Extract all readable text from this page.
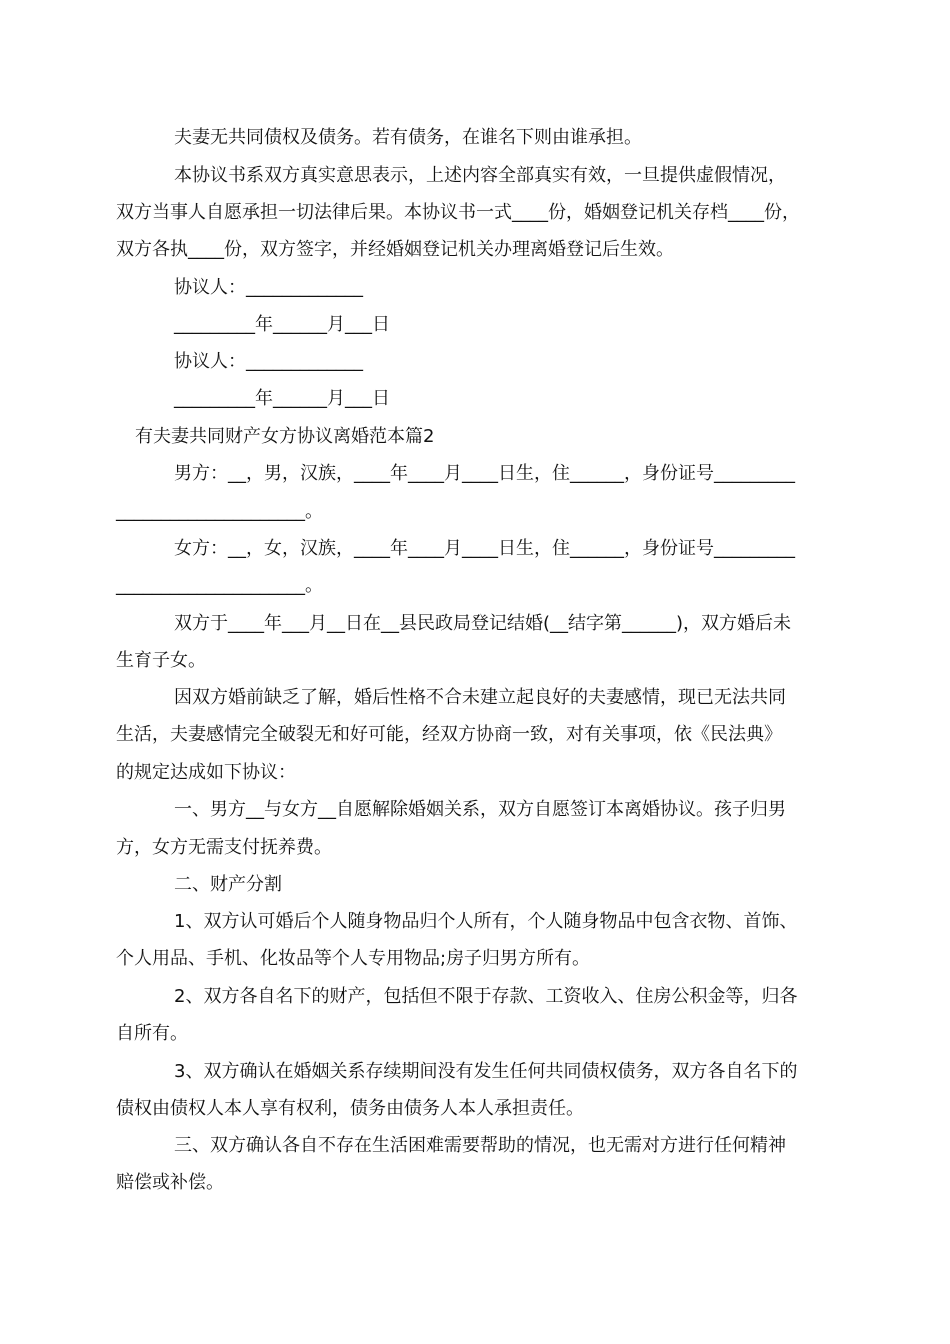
夫妻无共同债权及债务。若有债务，在谁名下则由谁承担。
本协议书系双方真实意思表示，上述内容全部真实有效，一旦提供虚假情况，
双方当事人自愿承担一切法律后果。本协议书一式____份，婚姻登记机关存档____份，
双方各执____份，双方签字，并经婚姻登记机关办理离婚登记后生效。
协议人：_____________
_________年______月___日
协议人：_____________
_________年______月___日
有夫妻共同财产女方协议离婚范本篇2
男方：__，男，汉族，____年____月____日生，住______，身份证号_________
_____________________。
女方：__，女，汉族，____年____月____日生，住______，身份证号_________
_____________________。
双方于____年___月__日在__县民政局登记结婚(__结字第______)，双方婚后未
生育子女。
因双方婚前缺乏了解，婚后性格不合未建立起良好的夫妻感情，现已无法共同
生活，夫妻感情完全破裂无和好可能，经双方协商一致，对有关事项，依《民法典》
的规定达成如下协议：
一、男方__与女方__自愿解除婚姻关系，双方自愿签订本离婚协议。孩子归男
方，女方无需支付抚养费。
二、财产分割
1、双方认可婚后个人随身物品归个人所有，个人随身物品中包含衣物、首饰、
个人用品、手机、化妆品等个人专用物品;房子归男方所有。
2、双方各自名下的财产，包括但不限于存款、工资收入、住房公积金等，归各
自所有。
3、双方确认在婚姻关系存续期间没有发生任何共同债权债务，双方各自名下的
债权由债权人本人享有权利，债务由债务人本人承担责任。
三、双方确认各自不存在生活困难需要帮助的情况，也无需对方进行任何精神
赔偿或补偿。
